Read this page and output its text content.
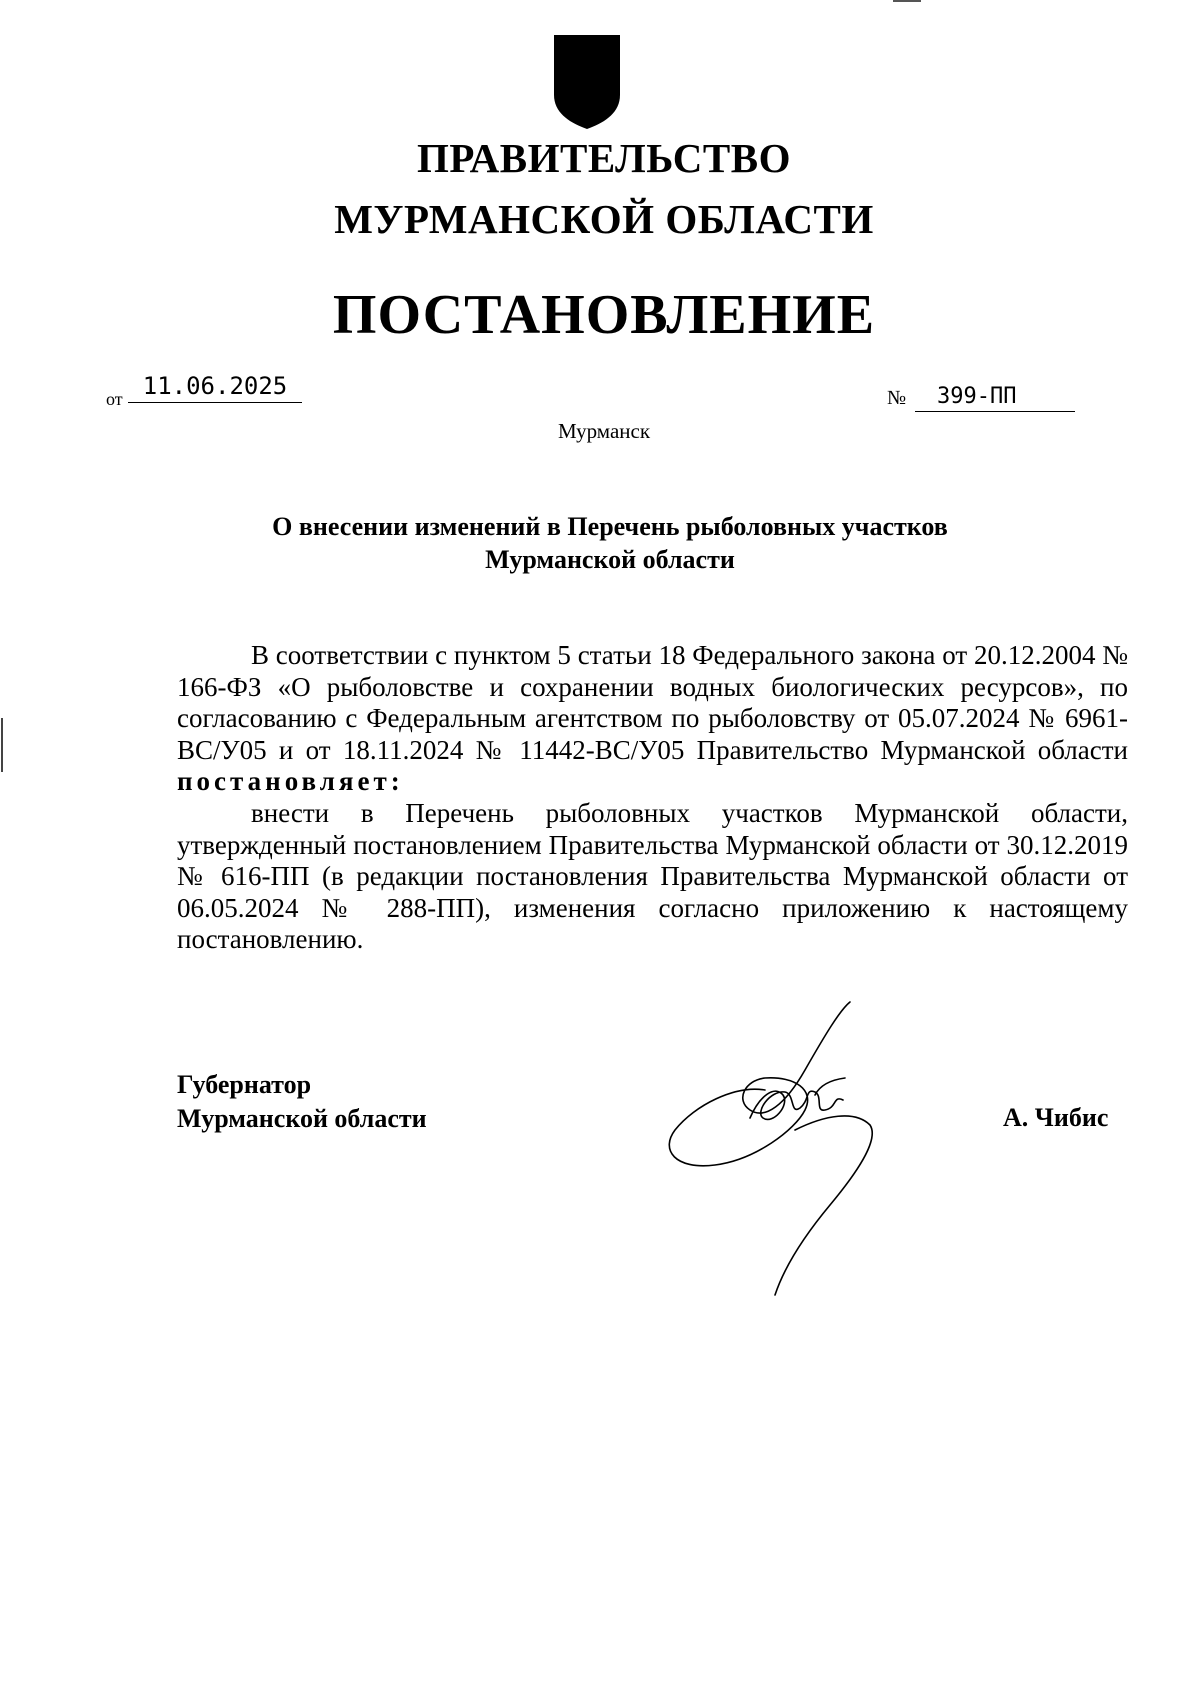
ПРАВИТЕЛЬСТВО
МУРМАНСКОЙ ОБЛАСТИ
ПОСТАНОВЛЕНИЕ
от 11.06.2025	№	399-ПП
Мурманск
О внесении изменений в Перечень рыболовных участков
Мурманской области

В соответствии с пунктом 5 статьи 18 Федерального закона от 20.12.2004 № 166-ФЗ «О рыболовстве и сохранении водных биологических ресурсов», по согласованию с Федеральным агентством по рыболовству от 05.07.2024 № 6961-ВС/У05 и от 18.11.2024 № 11442-ВС/У05 Правительство Мурманской области постановляет:

внести в Перечень рыболовных участков Мурманской области, утвержденный постановлением Правительства Мурманской области от 30.12.2019 № 616-ПП (в редакции постановления Правительства Мурманской области от 06.05.2024 № 288-ПП), изменения согласно приложению к настоящему постановлению.

Губернатор
Мурманской области	А. Чибис
